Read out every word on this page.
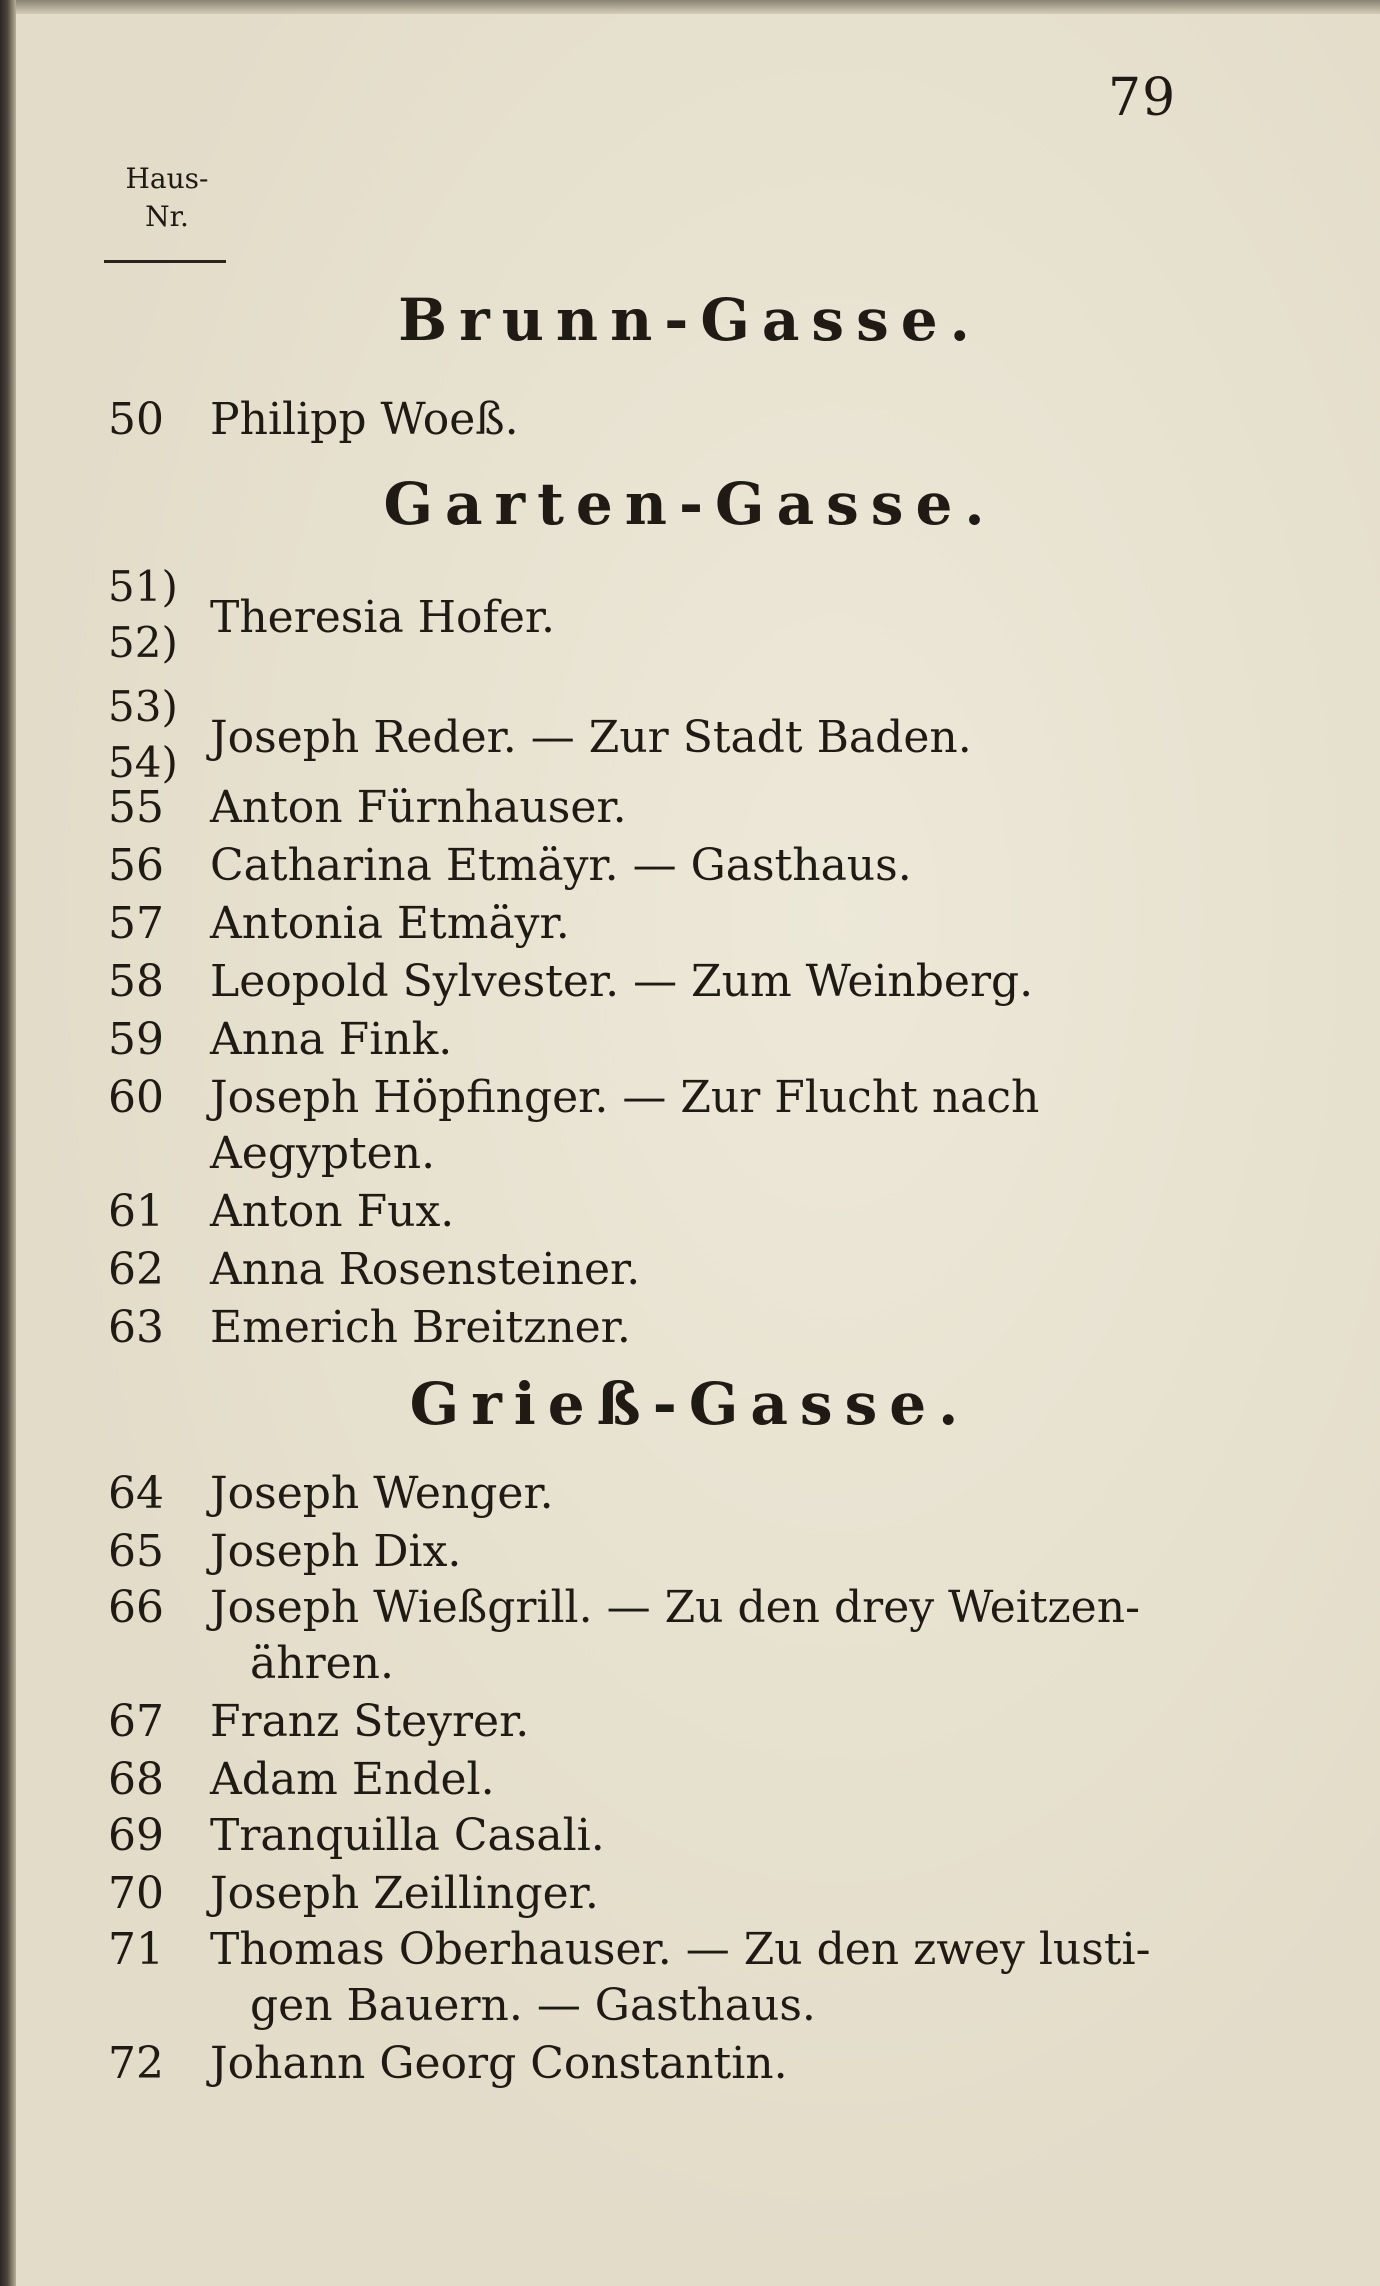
79
Haus-
Nr.
Brunn-Gasse.
50	Philipp Woeß.
Garten-Gasse.
51)
52) Theresia Hofer.
53)
54) Joseph Reder. — Zur Stadt Baden.
55	Anton Fürnhauser.
56	Catharina Etmäyr. — Gasthaus.
57	Antonia Etmäyr.
58	Leopold Sylvester. — Zum Weinberg.
59	Anna Fink.
60	Joseph Höpfinger. — Zur Flucht nach
Aegypten.
61	Anton Fux.
62	Anna Rosensteiner.
63	Emerich Breitzner.
Grieß-Gasse.
64	Joseph Wenger.
65	Joseph Dix.
66	Joseph Wießgrill. — Zu den drey Weitzen-
ähren.
67	Franz Steyrer.
68	Adam Endel.
69	Tranquilla Casali.
70	Joseph Zeillinger.
71	Thomas Oberhauser. — Zu den zwey lusti-
gen Bauern. — Gasthaus.
72	Johann Georg Constantin.
